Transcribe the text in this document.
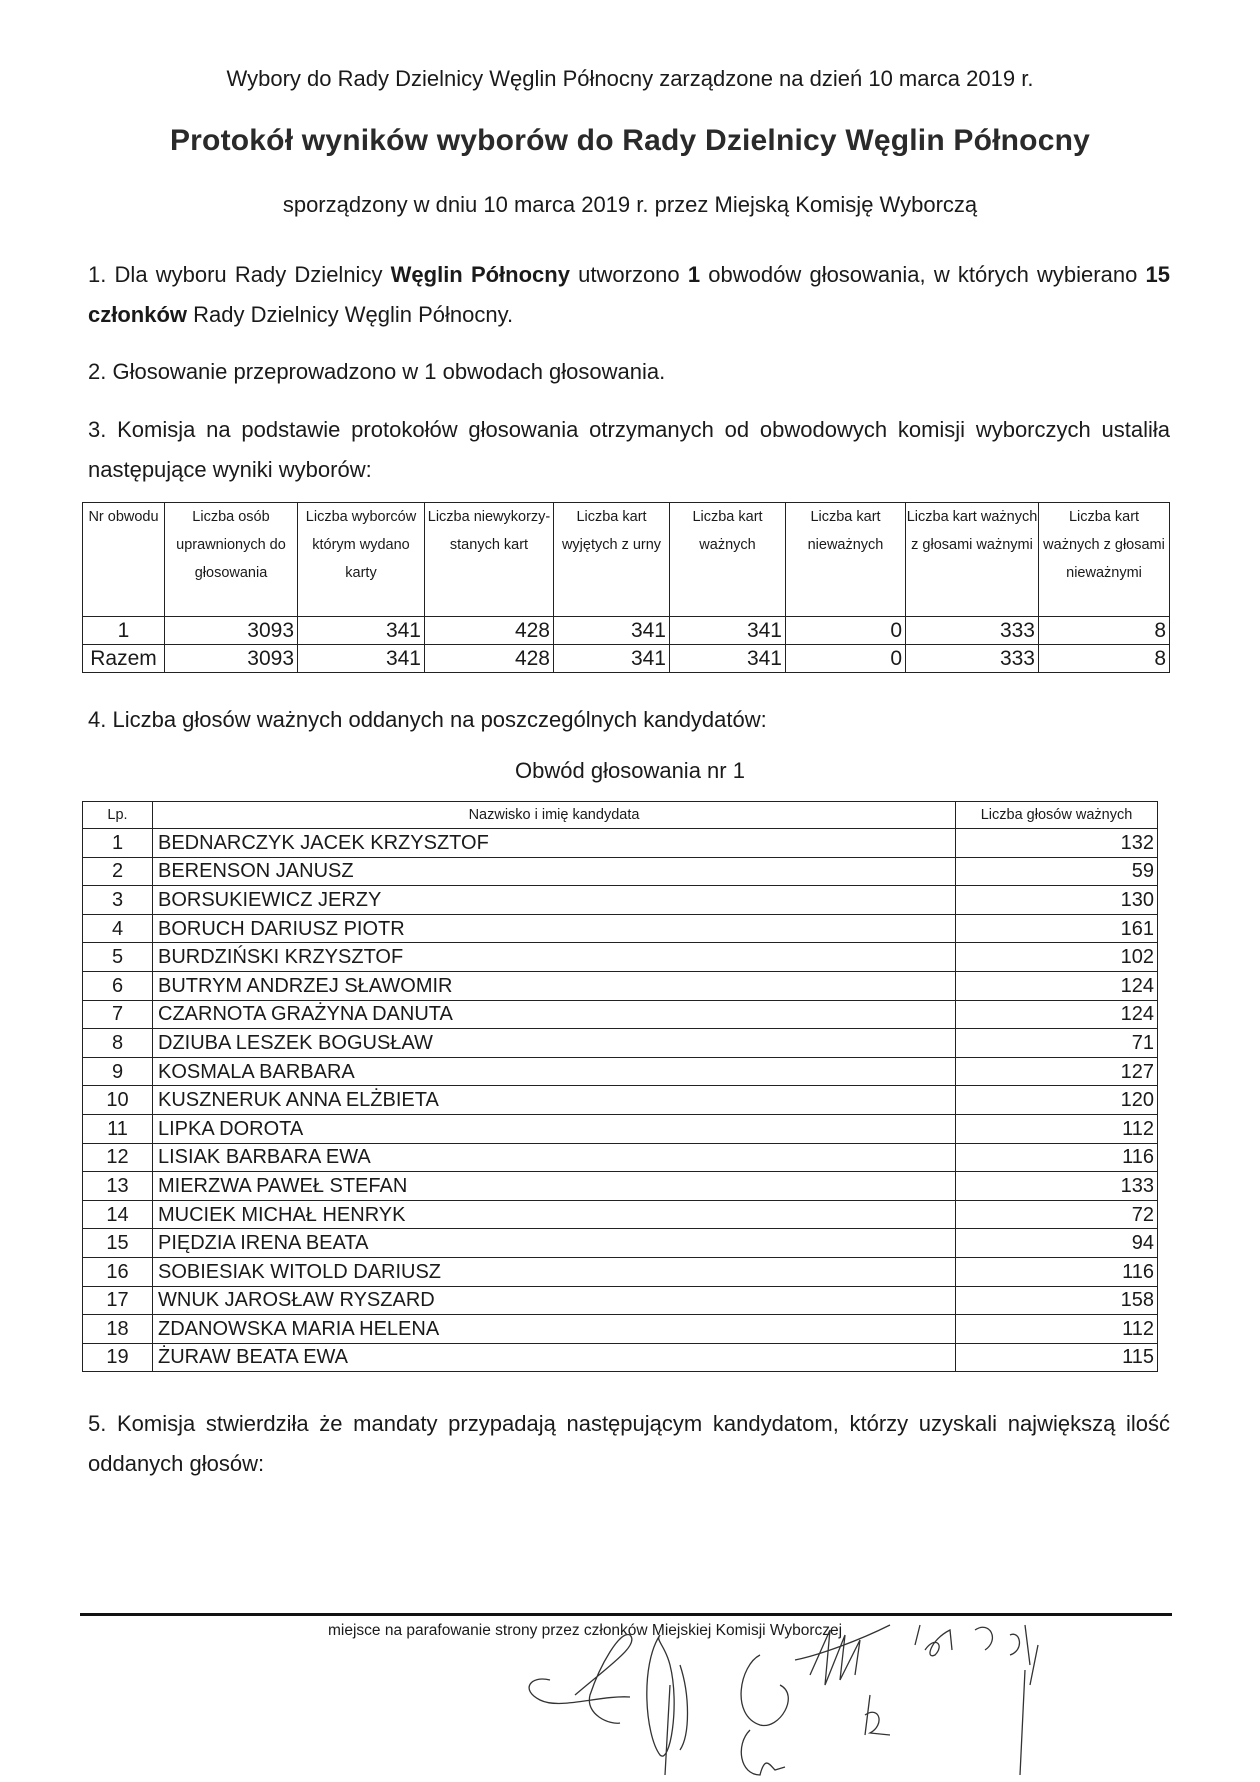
Wybory do Rady Dzielnicy Węglin Północny zarządzone na dzień 10 marca 2019 r.
Protokół wyników wyborów do Rady Dzielnicy Węglin Północny
sporządzony w dniu 10 marca 2019 r. przez Miejską Komisję Wyborczą
1. Dla wyboru Rady Dzielnicy Węglin Północny utworzono 1 obwodów głosowania, w których wybierano 15 członków Rady Dzielnicy Węglin Północny.
2. Głosowanie przeprowadzono w 1 obwodach głosowania.
3. Komisja na podstawie protokołów głosowania otrzymanych od obwodowych komisji wyborczych ustaliła następujące wyniki wyborów:
Nr obwodu	Liczba osób uprawnionych do głosowania	Liczba wyborców którym wydano karty	Liczba niewykorzy-stanych kart	Liczba kart wyjętych z urny	Liczba kart ważnych	Liczba kart nieważnych	Liczba kart ważnych z głosami ważnymi	Liczba kart ważnych z głosami nieważnymi
1	3093	341	428	341	341	0	333	8
Razem	3093	341	428	341	341	0	333	8
4. Liczba głosów ważnych oddanych na poszczególnych kandydatów:
Obwód głosowania nr 1
Lp.	Nazwisko i imię kandydata	Liczba głosów ważnych
1	BEDNARCZYK JACEK KRZYSZTOF	132
2	BERENSON JANUSZ	59
3	BORSUKIEWICZ JERZY	130
4	BORUCH DARIUSZ PIOTR	161
5	BURDZIŃSKI KRZYSZTOF	102
6	BUTRYM ANDRZEJ SŁAWOMIR	124
7	CZARNOTA GRAŻYNA DANUTA	124
8	DZIUBA LESZEK BOGUSŁAW	71
9	KOSMALA BARBARA	127
10	KUSZNERUK ANNA ELŻBIETA	120
11	LIPKA DOROTA	112
12	LISIAK BARBARA EWA	116
13	MIERZWA PAWEŁ STEFAN	133
14	MUCIEK MICHAŁ HENRYK	72
15	PIĘDZIA IRENA BEATA	94
16	SOBIESIAK WITOLD DARIUSZ	116
17	WNUK JAROSŁAW RYSZARD	158
18	ZDANOWSKA MARIA HELENA	112
19	ŻURAW BEATA EWA	115
5. Komisja stwierdziła że mandaty przypadają następującym kandydatom, którzy uzyskali największą ilość oddanych głosów:
miejsce na parafowanie strony przez członków Miejskiej Komisji Wyborczej
